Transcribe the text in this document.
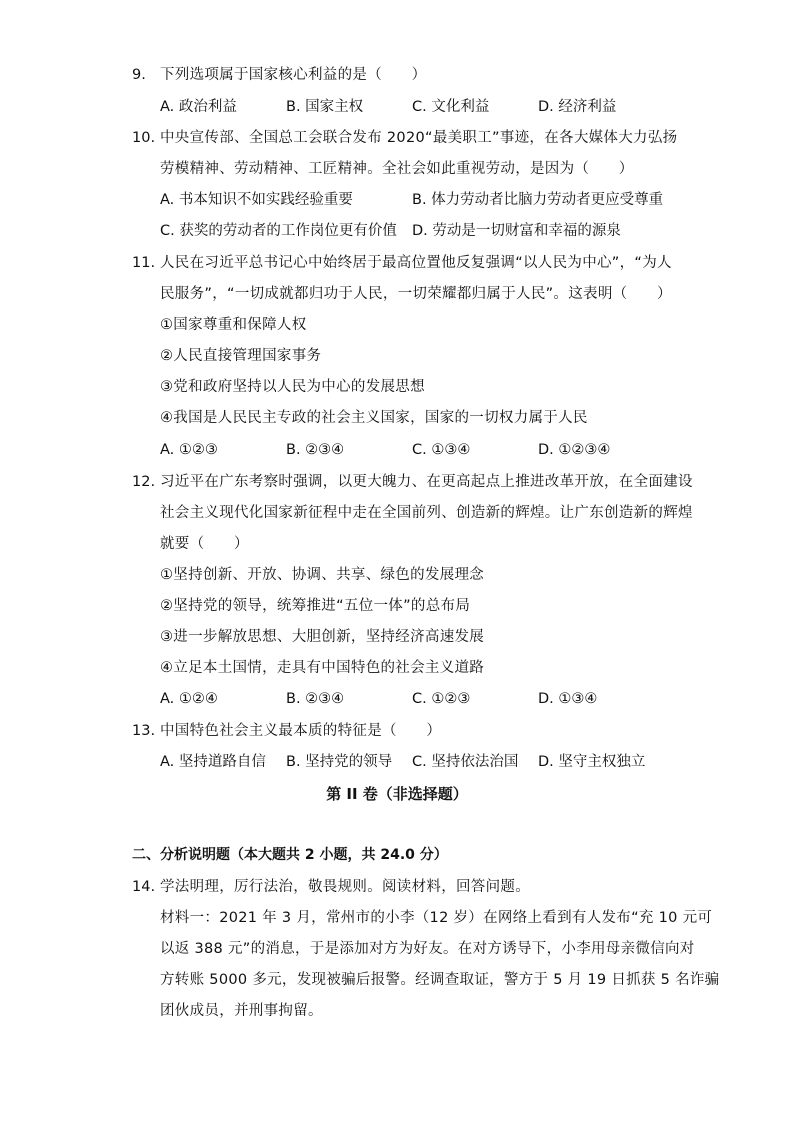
9. 下列选项属于国家核心利益的是（　　）
A. 政治利益	B. 国家主权	C. 文化利益	D. 经济利益
10. 中央宣传部、全国总工会联合发布 2020“最美职工”事迹，在各大媒体大力弘扬
劳模精神、劳动精神、工匠精神。全社会如此重视劳动，是因为（　　）
A. 书本知识不如实践经验重要	B. 体力劳动者比脑力劳动者更应受尊重
C. 获奖的劳动者的工作岗位更有价值 D. 劳动是一切财富和幸福的源泉
11. 人民在习近平总书记心中始终居于最高位置他反复强调“以人民为中心”，“为人
民服务”，“一切成就都归功于人民，一切荣耀都归属于人民”。这表明（　　）
①国家尊重和保障人权
②人民直接管理国家事务
③党和政府坚持以人民为中心的发展思想
④我国是人民民主专政的社会主义国家，国家的一切权力属于人民
A. ①②③	B. ②③④	C. ①③④	D. ①②③④
12. 习近平在广东考察时强调，以更大魄力、在更高起点上推进改革开放，在全面建设
社会主义现代化国家新征程中走在全国前列、创造新的辉煌。让广东创造新的辉煌
就要（　　）
①坚持创新、开放、协调、共享、绿色的发展理念
②坚持党的领导，统筹推进“五位一体”的总布局
③进一步解放思想、大胆创新，坚持经济高速发展
④立足本土国情，走具有中国特色的社会主义道路
A. ①②④	B. ②③④	C. ①②③	D. ①③④
13. 中国特色社会主义最本质的特征是（　　）
A. 坚持道路自信 B. 坚持党的领导 C. 坚持依法治国 D. 坚守主权独立
第 II 卷（非选择题）
二、分析说明题（本大题共 2 小题，共 24.0 分）
14. 学法明理，厉行法治，敬畏规则。阅读材料，回答问题。
材料一：2021 年 3 月，常州市的小李（12 岁）在网络上看到有人发布“充 10 元可
以返 388 元”的消息，于是添加对方为好友。在对方诱导下，小李用母亲微信向对
方转账 5000 多元，发现被骗后报警。经调查取证，警方于 5 月 19 日抓获 5 名诈骗
团伙成员，并刑事拘留。
